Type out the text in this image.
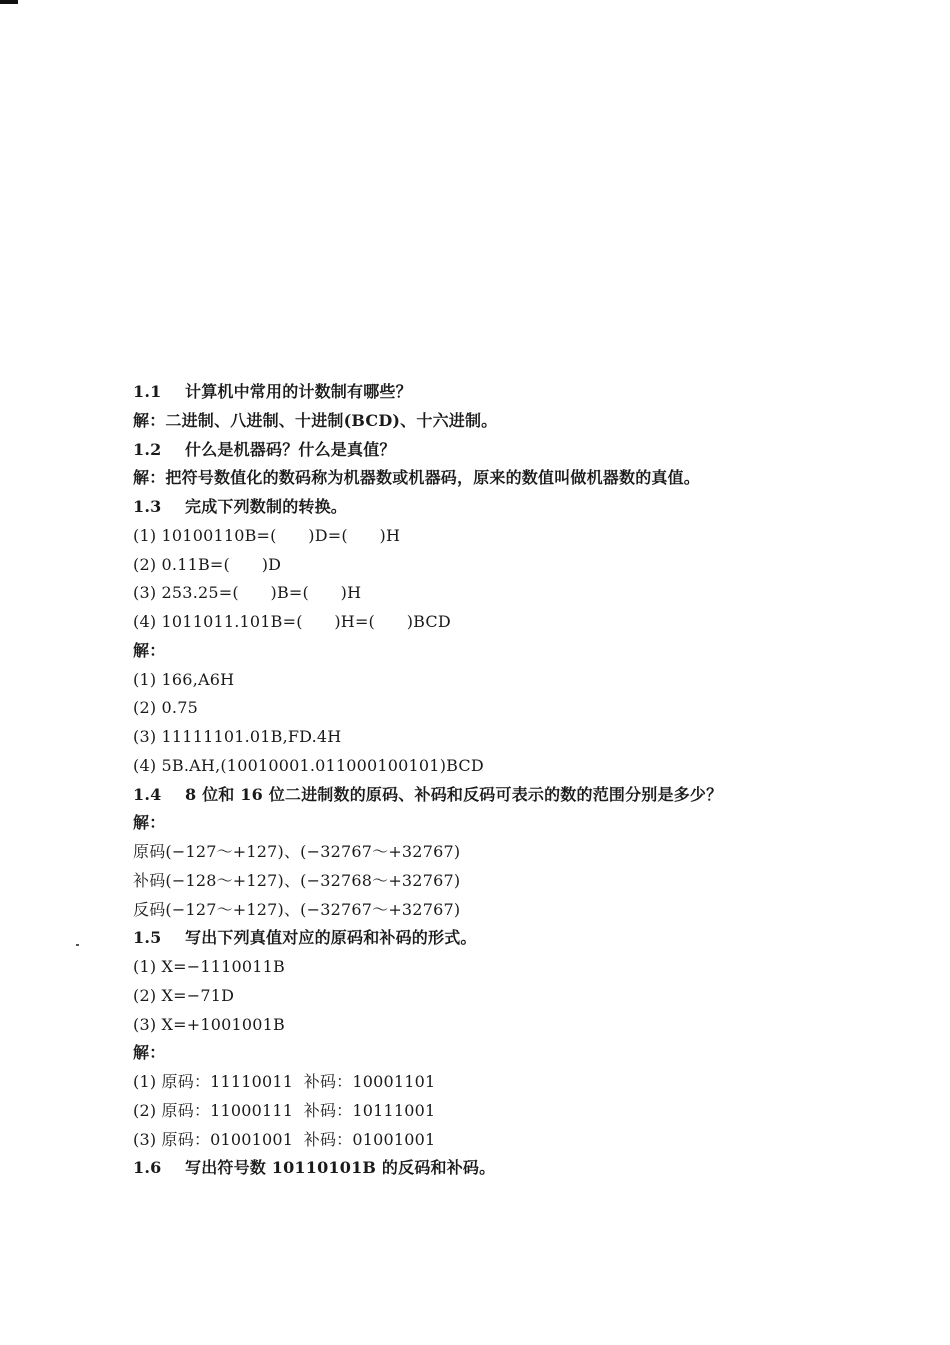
1.1 计算机中常用的计数制有哪些？
解：二进制、八进制、十进制(BCD)、十六进制。
1.2 什么是机器码？什么是真值？
解：把符号数值化的数码称为机器数或机器码，原来的数值叫做机器数的真值。
1.3 完成下列数制的转换。
(1) 10100110B=(      )D=(      )H
(2) 0.11B=(      )D
(3) 253.25=(      )B=(      )H
(4) 1011011.101B=(      )H=(      )BCD
解：
(1) 166,A6H
(2) 0.75
(3) 11111101.01B,FD.4H
(4) 5B.AH,(10010001.011000100101)BCD
1.4 8 位和 16 位二进制数的原码、补码和反码可表示的数的范围分别是多少？
解：
原码(−127～+127)、(−32767～+32767)
补码(−128～+127)、(−32768～+32767)
反码(−127～+127)、(−32767～+32767)
1.5 写出下列真值对应的原码和补码的形式。
(1) X=−1110011B
(2) X=−71D
(3) X=+1001001B
解：
(1) 原码：11110011  补码：10001101
(2) 原码：11000111  补码：10111001
(3) 原码：01001001  补码：01001001
1.6 写出符号数 10110101B 的反码和补码。
